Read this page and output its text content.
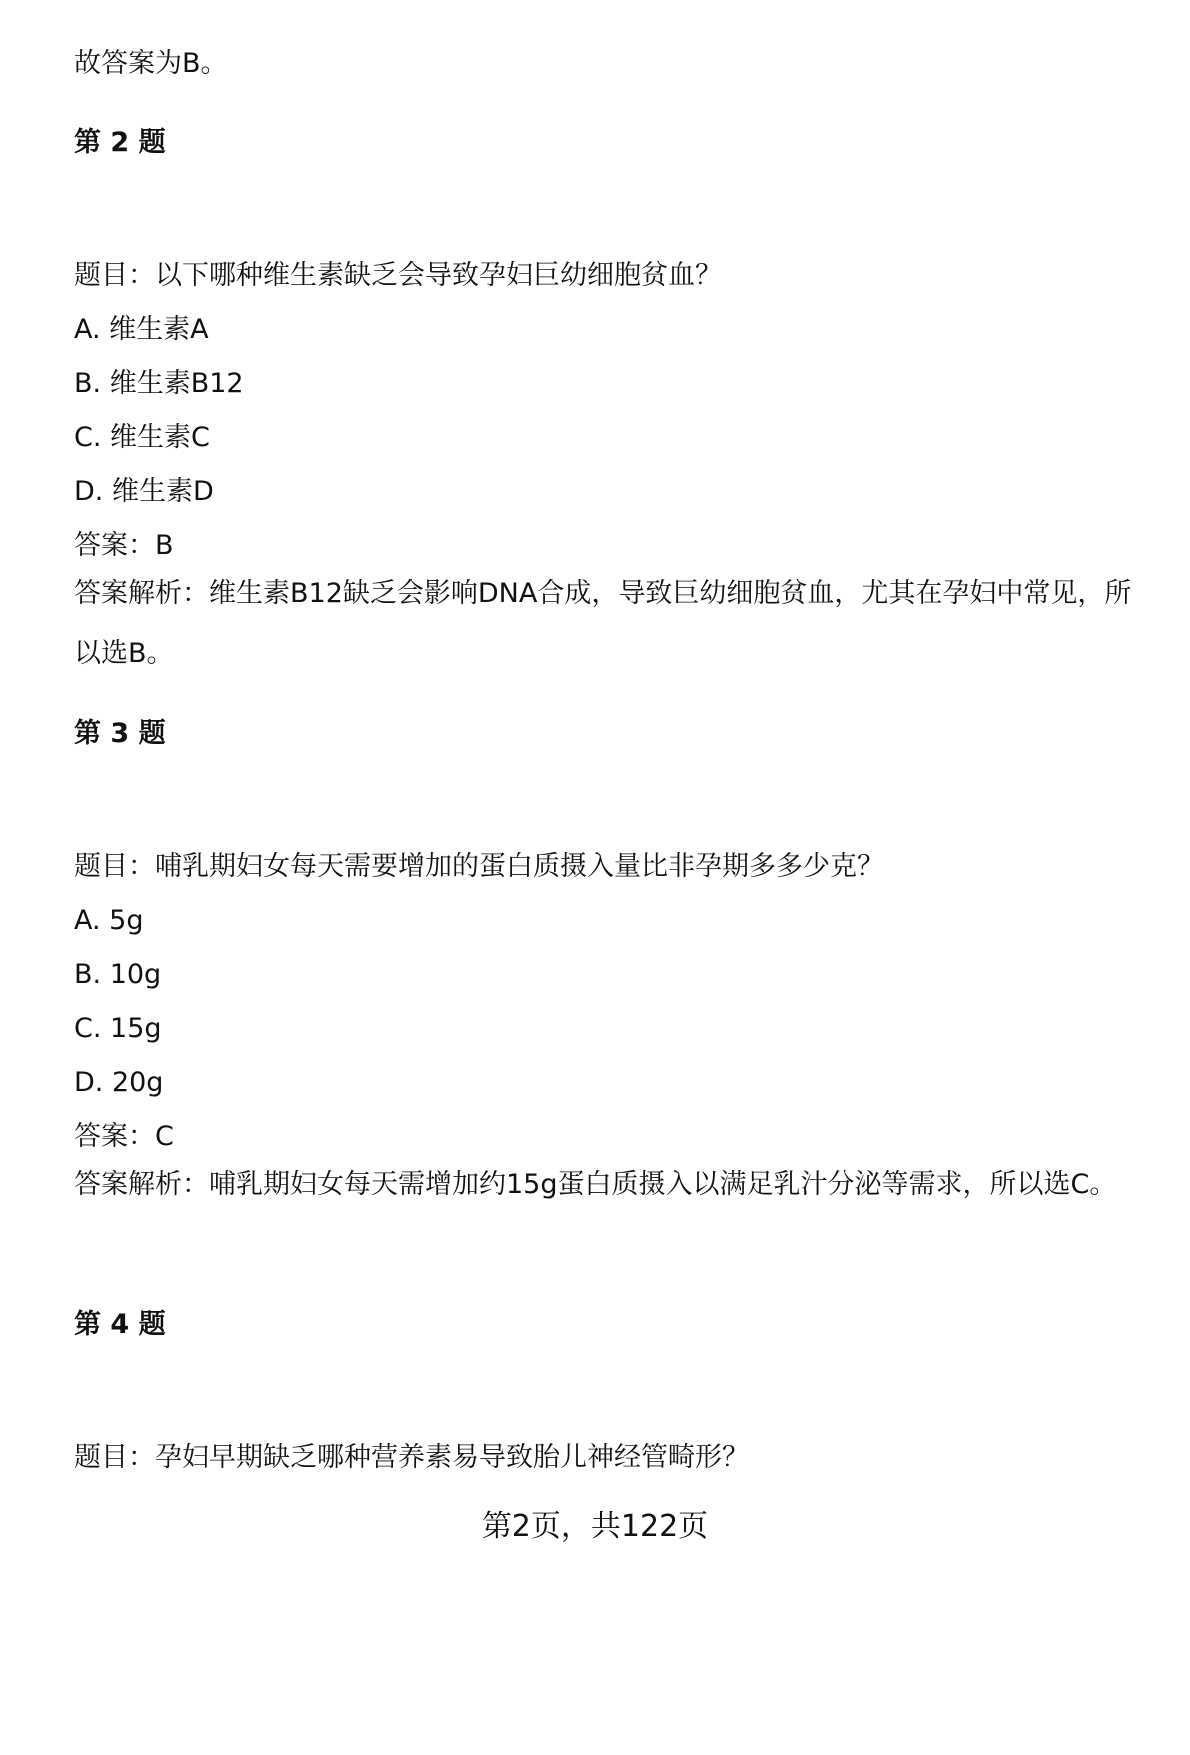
故答案为B。
第 2 题
题目：以下哪种维生素缺乏会导致孕妇巨幼细胞贫血？
A. 维生素A
B. 维生素B12
C. 维生素C
D. 维生素D
答案：B
答案解析：维生素B12缺乏会影响DNA合成，导致巨幼细胞贫血，尤其在孕妇中常见，所以选B。
第 3 题
题目：哺乳期妇女每天需要增加的蛋白质摄入量比非孕期多多少克？
A. 5g
B. 10g
C. 15g
D. 20g
答案：C
答案解析：哺乳期妇女每天需增加约15g蛋白质摄入以满足乳汁分泌等需求，所以选C。
第 4 题
题目：孕妇早期缺乏哪种营养素易导致胎儿神经管畸形？
第2页，共122页
